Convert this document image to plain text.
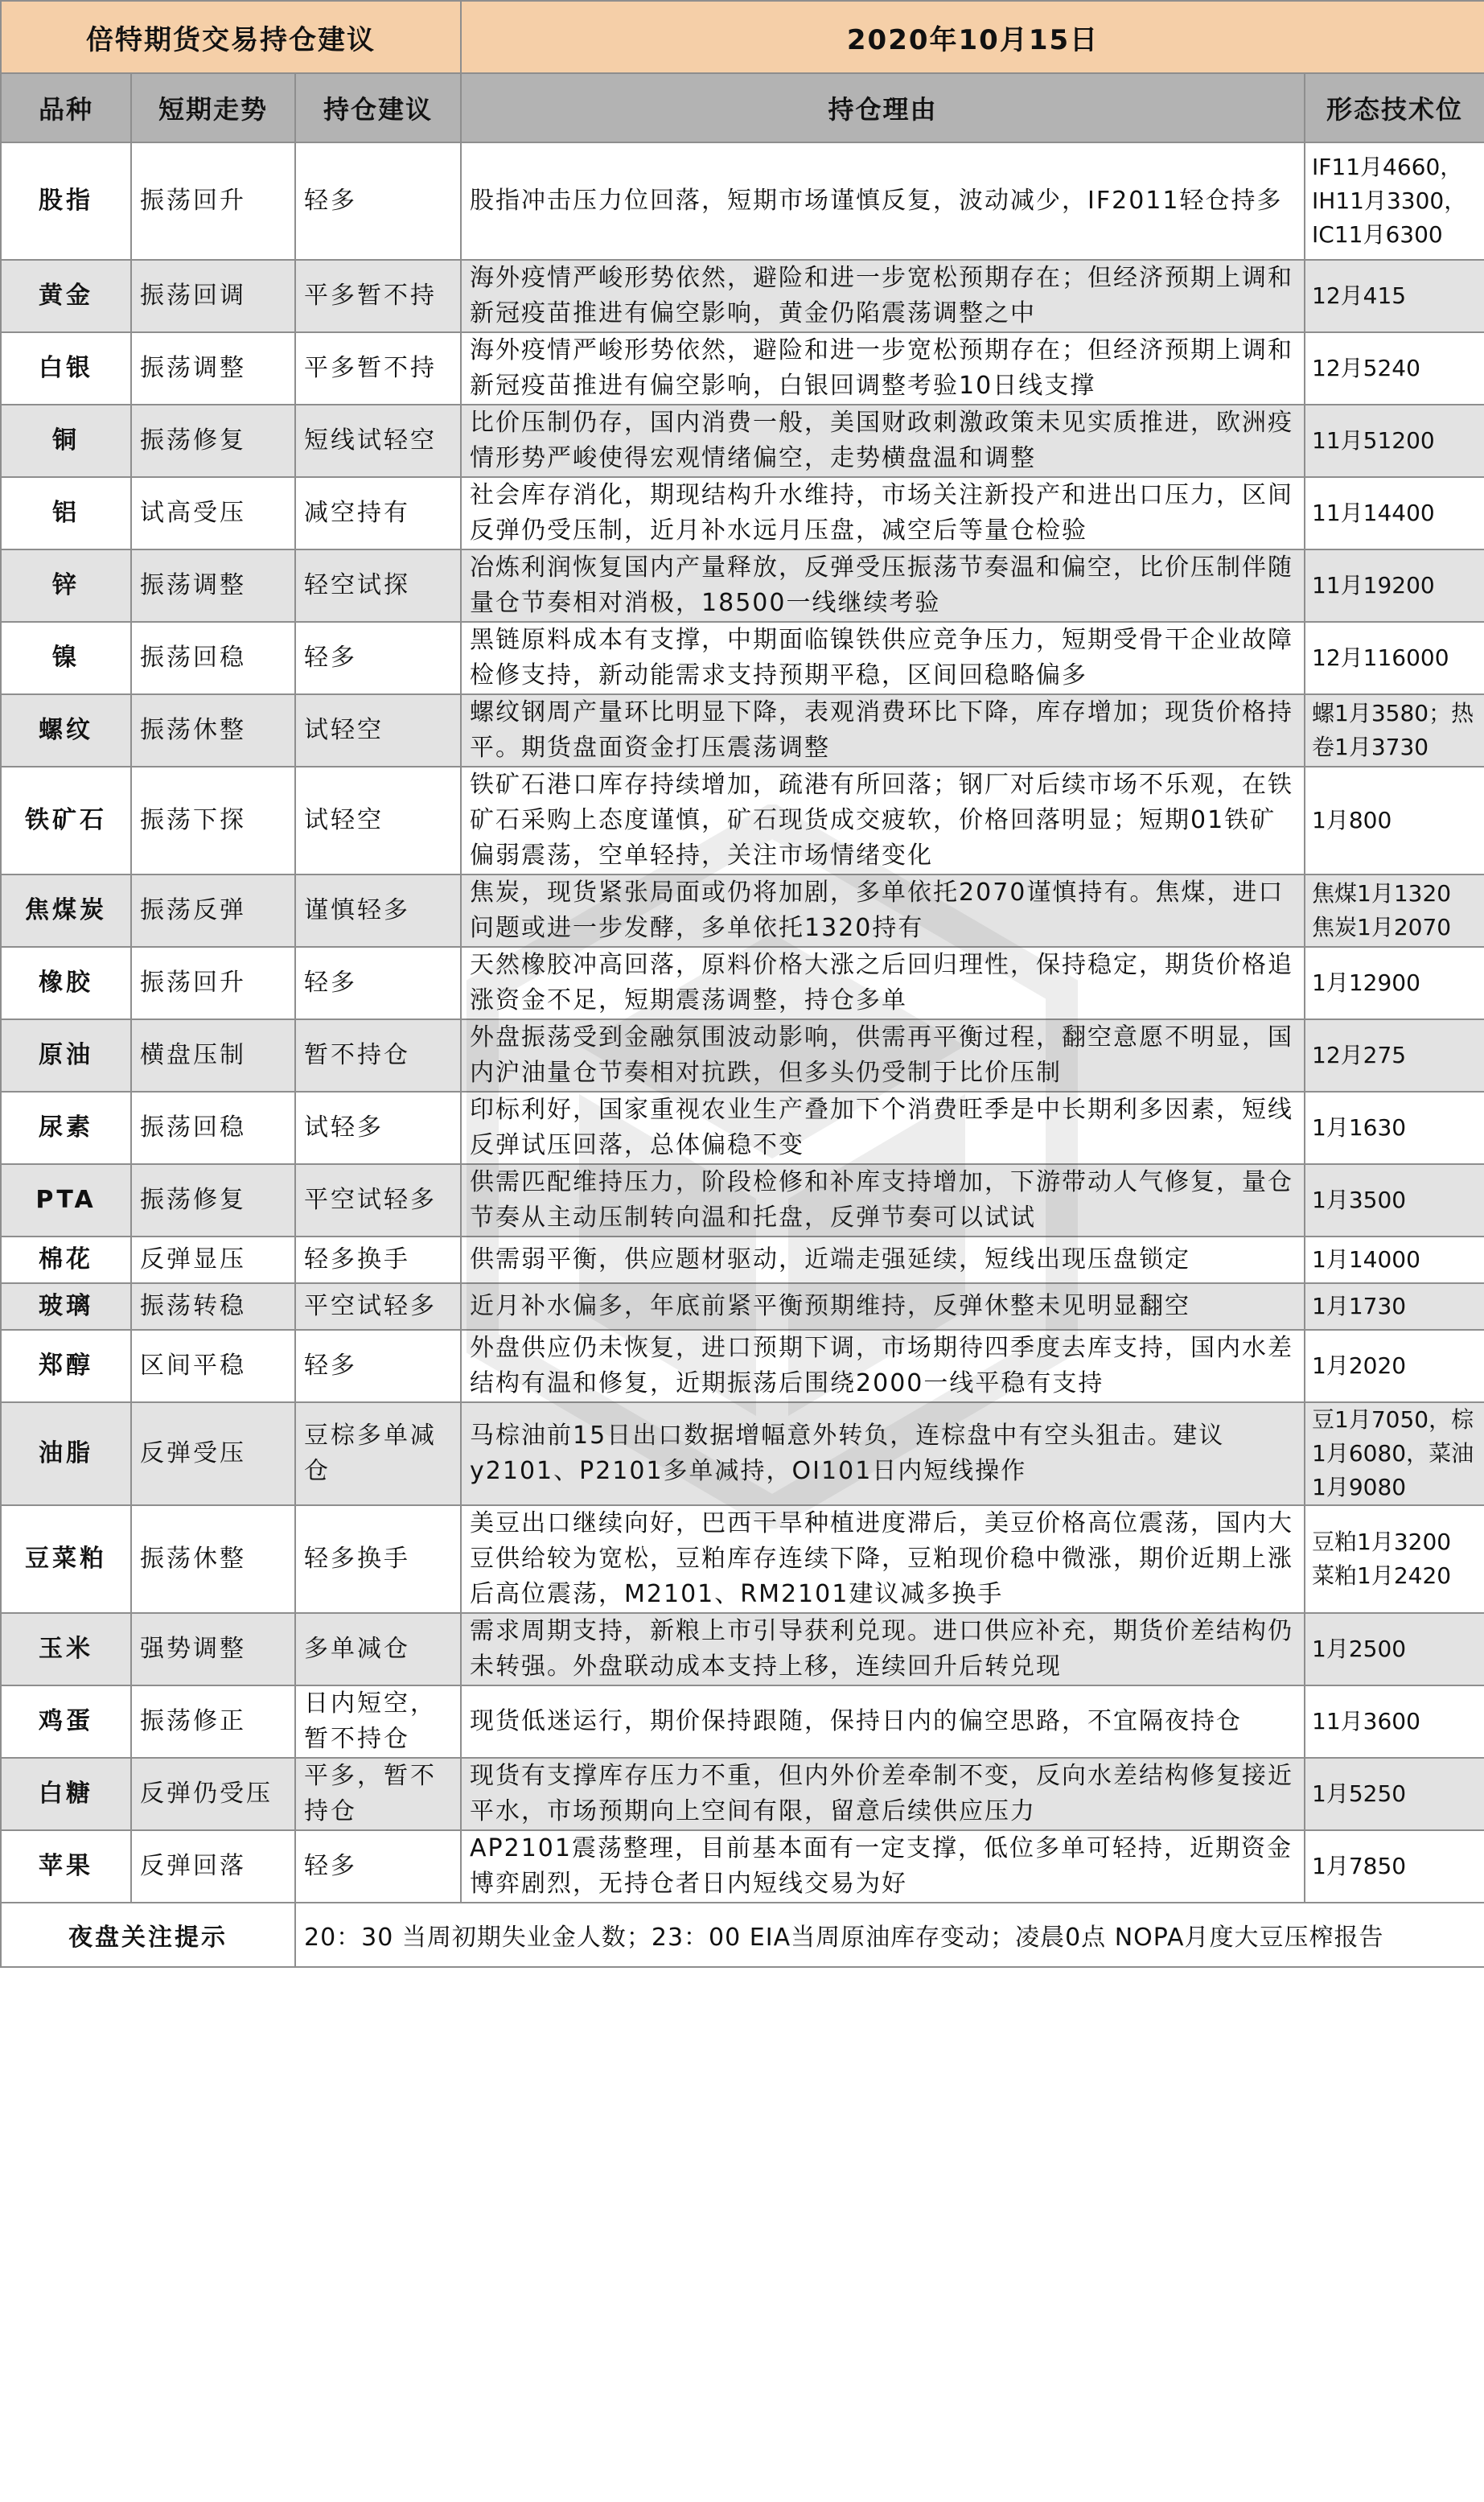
倍特期货交易持仓建议			2020年10月15日	
品种	短期走势	持仓建议	持仓理由	形态技术位
股指	振荡回升	轻多	股指冲击压力位回落，短期市场谨慎反复，波动减少，IF2011轻仓持多	IF11月4660，IH11月3300，IC11月6300
黄金	振荡回调	平多暂不持	海外疫情严峻形势依然，避险和进一步宽松预期存在；但经济预期上调和新冠疫苗推进有偏空影响，黄金仍陷震荡调整之中	12月415
白银	振荡调整	平多暂不持	海外疫情严峻形势依然，避险和进一步宽松预期存在；但经济预期上调和新冠疫苗推进有偏空影响，白银回调整考验10日线支撑	12月5240
铜	振荡修复	短线试轻空	比价压制仍存，国内消费一般，美国财政刺激政策未见实质推进，欧洲疫情形势严峻使得宏观情绪偏空，走势横盘温和调整	11月51200
铝	试高受压	减空持有	社会库存消化，期现结构升水维持，市场关注新投产和进出口压力，区间反弹仍受压制，近月补水远月压盘，减空后等量仓检验	11月14400
锌	振荡调整	轻空试探	冶炼利润恢复国内产量释放，反弹受压振荡节奏温和偏空，比价压制伴随量仓节奏相对消极，18500一线继续考验	11月19200
镍	振荡回稳	轻多	黑链原料成本有支撑，中期面临镍铁供应竞争压力，短期受骨干企业故障检修支持，新动能需求支持预期平稳，区间回稳略偏多	12月116000
螺纹	振荡休整	试轻空	螺纹钢周产量环比明显下降，表观消费环比下降，库存增加；现货价格持平。期货盘面资金打压震荡调整	螺1月3580；热卷1月3730
铁矿石	振荡下探	试轻空	铁矿石港口库存持续增加，疏港有所回落；钢厂对后续市场不乐观，在铁矿石采购上态度谨慎，矿石现货成交疲软，价格回落明显；短期01铁矿偏弱震荡，空单轻持，关注市场情绪变化	1月800
焦煤炭	振荡反弹	谨慎轻多	焦炭，现货紧张局面或仍将加剧，多单依托2070谨慎持有。焦煤，进口问题或进一步发酵，多单依托1320持有	焦煤1月1320 焦炭1月2070
橡胶	振荡回升	轻多	天然橡胶冲高回落，原料价格大涨之后回归理性，保持稳定，期货价格追涨资金不足，短期震荡调整，持仓多单	1月12900
原油	横盘压制	暂不持仓	外盘振荡受到金融氛围波动影响，供需再平衡过程，翻空意愿不明显，国内沪油量仓节奏相对抗跌，但多头仍受制于比价压制	12月275
尿素	振荡回稳	试轻多	印标利好，国家重视农业生产叠加下个消费旺季是中长期利多因素，短线反弹试压回落，总体偏稳不变	1月1630
PTA	振荡修复	平空试轻多	供需匹配维持压力，阶段检修和补库支持增加，下游带动人气修复，量仓节奏从主动压制转向温和托盘，反弹节奏可以试试	1月3500
棉花	反弹显压	轻多换手	供需弱平衡，供应题材驱动，近端走强延续，短线出现压盘锁定	1月14000
玻璃	振荡转稳	平空试轻多	近月补水偏多，年底前紧平衡预期维持，反弹休整未见明显翻空	1月1730
郑醇	区间平稳	轻多	外盘供应仍未恢复，进口预期下调，市场期待四季度去库支持，国内水差结构有温和修复，近期振荡后围绕2000一线平稳有支持	1月2020
油脂	反弹受压	豆棕多单减仓	马棕油前15日出口数据增幅意外转负，连棕盘中有空头狙击。建议y2101、P2101多单减持，OI101日内短线操作	豆1月7050，棕1月6080，菜油1月9080
豆菜粕	振荡休整	轻多换手	美豆出口继续向好，巴西干旱种植进度滞后，美豆价格高位震荡，国内大豆供给较为宽松，豆粕库存连续下降，豆粕现价稳中微涨，期价近期上涨后高位震荡，M2101、RM2101建议减多换手	豆粕1月3200 菜粕1月2420
玉米	强势调整	多单减仓	需求周期支持，新粮上市引导获利兑现。进口供应补充，期货价差结构仍未转强。外盘联动成本支持上移，连续回升后转兑现	1月2500
鸡蛋	振荡修正	日内短空，暂不持仓	现货低迷运行，期价保持跟随，保持日内的偏空思路，不宜隔夜持仓	11月3600
白糖	反弹仍受压	平多，暂不持仓	现货有支撑库存压力不重，但内外价差牵制不变，反向水差结构修复接近平水，市场预期向上空间有限，留意后续供应压力	1月5250
苹果	反弹回落	轻多	AP2101震荡整理，目前基本面有一定支撑，低位多单可轻持，近期资金博弈剧烈，无持仓者日内短线交易为好	1月7850
夜盘关注提示		20：30 当周初期失业金人数；23：00 EIA当周原油库存变动；凌晨0点 NOPA月度大豆压榨报告		
